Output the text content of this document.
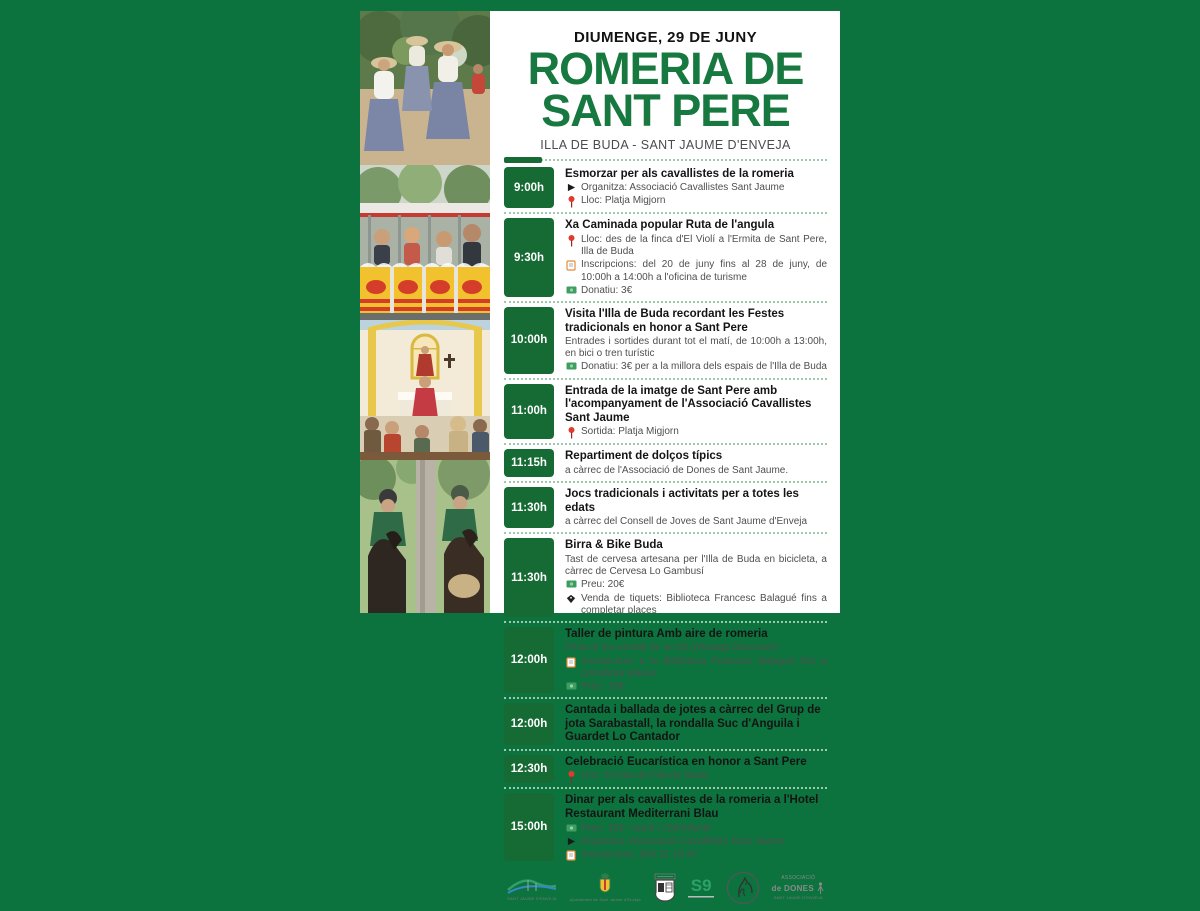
DIUMENGE, 29 DE JUNY
ROMERIA DE
SANT PERE
ILLA DE BUDA - SANT JAUME D'ENVEJA
9:00h
Esmorzar per als cavallistes de la romeria
Organitza: Associació Cavallistes Sant Jaume
Lloc: Platja Migjorn
9:30h
Xa Caminada popular Ruta de l'angula
Lloc: des de la finca d'El Violí a l'Ermita de Sant Pere, Illa de Buda
Inscripcions: del 20 de juny fins al 28 de juny, de 10:00h a 14:00h a l'oficina de turisme
Donatiu: 3€
10:00h
Visita l'Illa de Buda recordant les Festes tradicionals en honor a Sant Pere
Entrades i sortides durant tot el matí, de 10:00h a 13:00h, en bici o tren turístic
Donatiu: 3€ per a la millora dels espais de l'Illa de Buda
11:00h
Entrada de la imatge de Sant Pere amb l'acompanyament de l'Associació Cavallistes Sant Jaume
Sortida: Platja Migjorn
11:15h
Repartiment de dolços típics
a càrrec de l'Associació de Dones de Sant Jaume.
11:30h
Jocs tradicionals i activitats per a totes les edats
a càrrec del Consell de Joves de Sant Jaume d'Enveja
11:30h
Birra & Bike Buda
Tast de cervesa artesana per l'Illa de Buda en bicicleta, a càrrec de Cervesa Lo Gambusí
Preu: 20€
Venda de tiquets: Biblioteca Francesc Balagué fins a completar places
12:00h
Taller de pintura Amb aire de romeria
Pinta el teu ventall de la mà d'Amaga Decoració
Inscripcions a la Biblioteca Francesc Balagué fins a completar places
Preu: 10€
12:00h
Cantada i ballada de jotes a càrrec del Grup de jota Sarabastall, la rondalla Suc d'Anguila i Guardet Lo Cantador
12:30h
Celebració Eucarística en honor a Sant Pere
Lloc: Ermita de l'Illa de Buda
15:00h
Dinar per als cavallistes de la romeria a l'Hotel Restaurant Mediterrani Blau
Preu: 32€ / adult i 15€/infantil
Organitza: Associació Cavallistes Sant Jaume
Inscripcions: 609 21 18 87
SANT JAUME D'ENVEJA	Ajuntament de Sant Jaume d'Enveja
S9	ASSOCIACIÓ
de DONES
SANT JAUME D'ENVEJA
